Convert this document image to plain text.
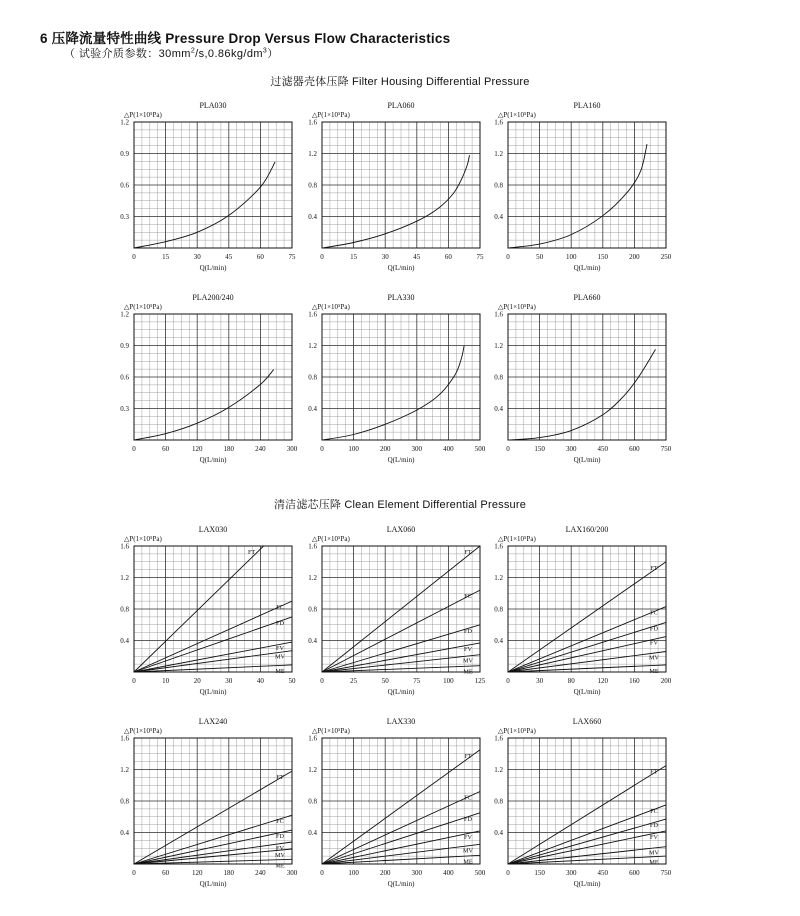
6 压降流量特性曲线 Pressure Drop Versus Flow Characteristics
（ 试验介质参数：$30mm^2/s,0.86kg/dm^3$）
过滤器壳体压降 Filter Housing Differential Pressure
清洁滤芯压降 Clean Element Differential Pressure
PLA030
△P(1×10⁵Pa)
Q(L/min)
0	15	30	45	60	75
0.3
0.6
0.9
1.2
PLA060
△P(1×10⁵Pa)
Q(L/min)
0	15	30	45	60	75
0.4
0.8
1.2
1.6
PLA160
△P(1×10⁵Pa)
Q(L/min)
0	50	100	150	200	250
0.4
0.8
1.2
1.6
PLA200/240
△P(1×10⁵Pa)
Q(L/min)
0	60	120	180	240	300
0.3
0.6
0.9
1.2
PLA330
△P(1×10⁵Pa)
Q(L/min)
0	100	200	300	400	500
0.4
0.8
1.2
1.6
PLA660
△P(1×10⁵Pa)
Q(L/min)
0	150	300	450	600	750
0.4
0.8
1.2
1.6
LAX030
△P(1×10⁵Pa)
Q(L/min)
0	10	20	30	40	50
0.4
0.8
1.2
1.6
FT
FC
FD
FV
MV
ME
LAX060
△P(1×10⁵Pa)
Q(L/min)
0	25	50	75	100	125
0.4
0.8
1.2
1.6
FT
FC
FD
FV
MV
ME
LAX160/200
△P(1×10⁵Pa)
Q(L/min)
0	30	80	120	160	200
0.4
0.8
1.2
1.6
FT
FC
FD
FV
MV
ME
LAX240
△P(1×10⁵Pa)
Q(L/min)
0	60	120	180	240	300
0.4
0.8
1.2
1.6
FT
FC
FD
FV
MV
ME
LAX330
△P(1×10⁵Pa)
Q(L/min)
0	100	200	300	400	500
0.4
0.8
1.2
1.6
FT
FC
FD
FV
MV
ME
LAX660
△P(1×10⁵Pa)
Q(L/min)
0	150	300	450	600	750
0.4
0.8
1.2
1.6
FT
FC
FD
FV
MV
ME
